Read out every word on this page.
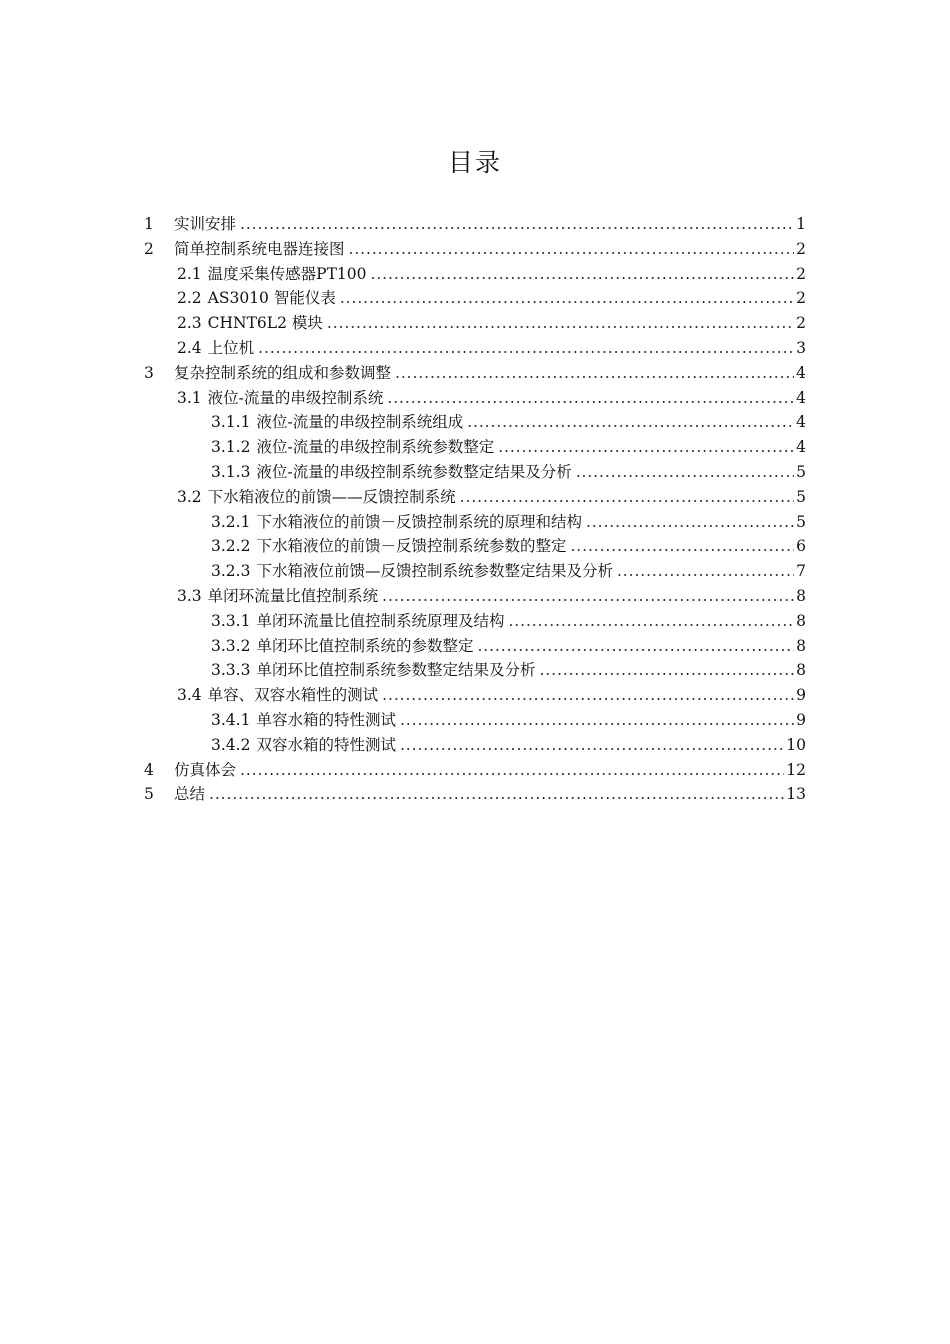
目录
1	实训安排 .....	1
2	简单控制系统电器连接图 .....	2
2.1 温度采集传感器PT100 .....	2
2.2 AS3010 智能仪表 .....	2
2.3 CHNT6L2 模块 .....	2
2.4 上位机 .....	3
3	复杂控制系统的组成和参数调整 .....	4
3.1 液位-流量的串级控制系统 .....	4
3.1.1 液位-流量的串级控制系统组成 .....	4
3.1.2 液位-流量的串级控制系统参数整定 .....	4
3.1.3 液位-流量的串级控制系统参数整定结果及分析 .....	5
3.2 下水箱液位的前馈——反馈控制系统 .....	5
3.2.1 下水箱液位的前馈－反馈控制系统的原理和结构 .....	5
3.2.2 下水箱液位的前馈－反馈控制系统参数的整定 .....	6
3.2.3 下水箱液位前馈—反馈控制系统参数整定结果及分析 .....	7
3.3 单闭环流量比值控制系统 .....	8
3.3.1 单闭环流量比值控制系统原理及结构 .....	8
3.3.2 单闭环比值控制系统的参数整定 .....	8
3.3.3 单闭环比值控制系统参数整定结果及分析 .....	8
3.4 单容、双容水箱性的测试 .....	9
3.4.1 单容水箱的特性测试 .....	9
3.4.2 双容水箱的特性测试 .....	10
4	仿真体会 .....	12
5	总结 .....	13
